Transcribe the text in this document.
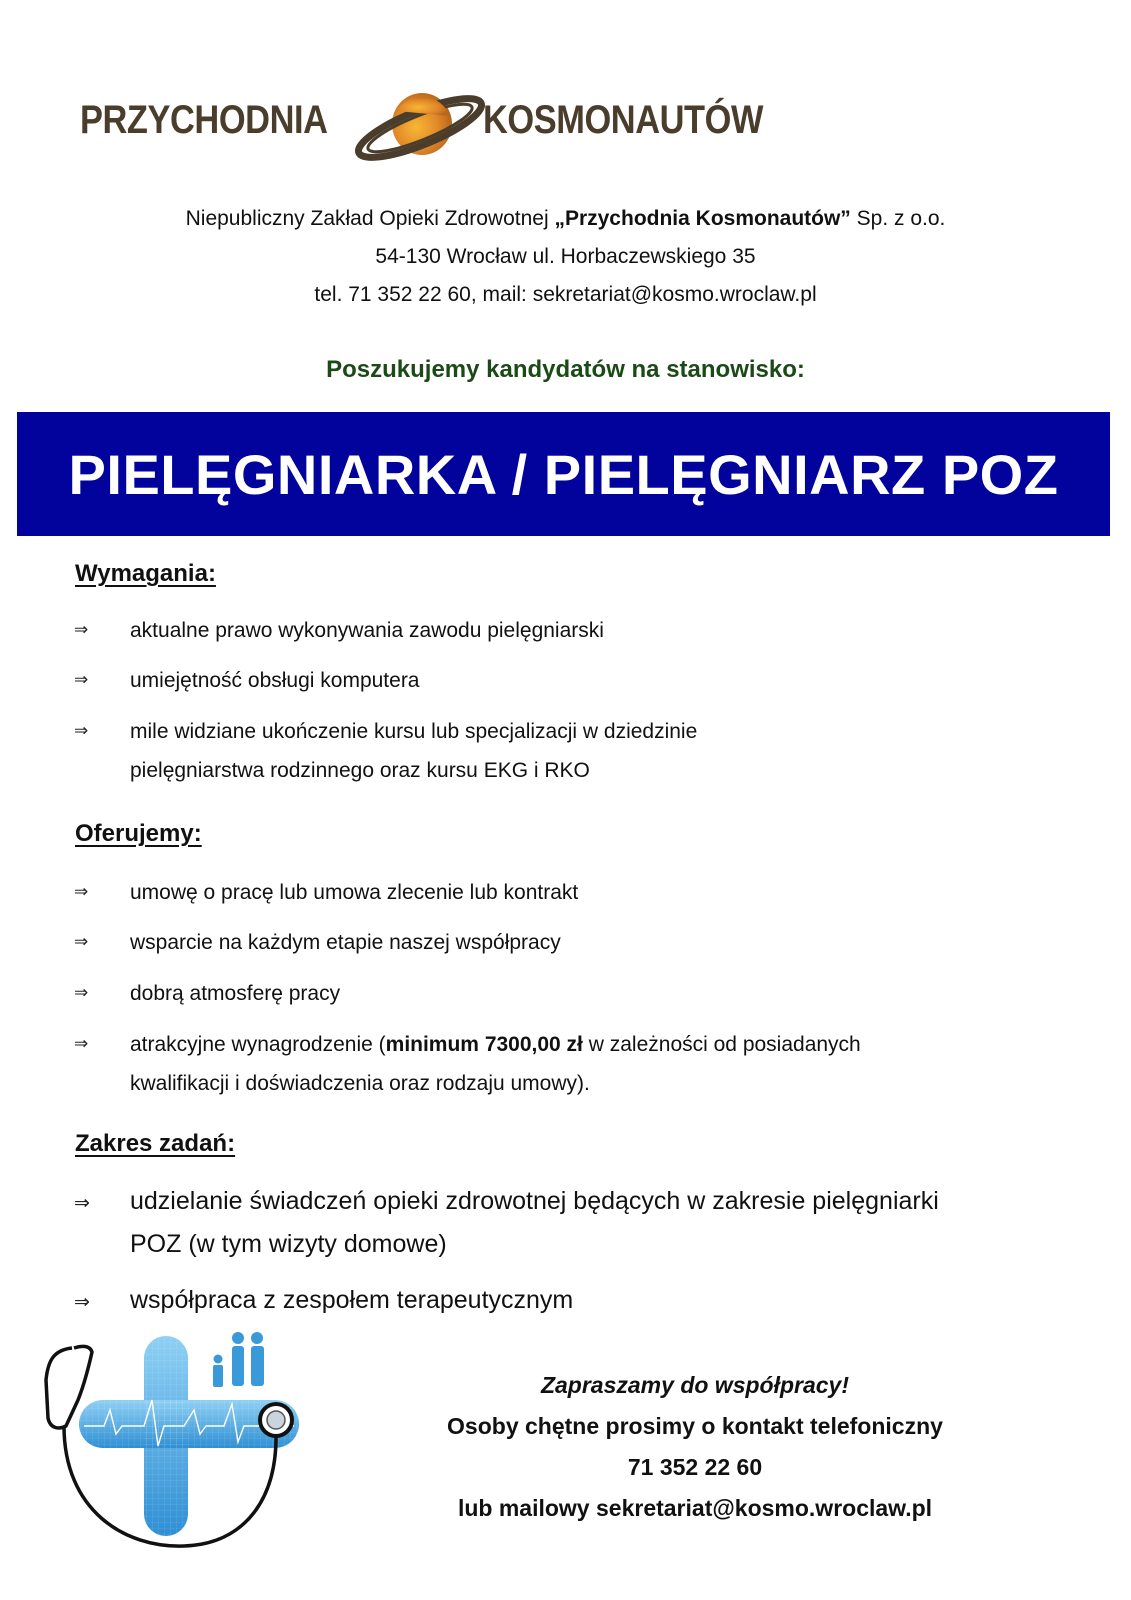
PRZYCHODNIA	KOSMONAUTÓW
Niepubliczny Zakład Opieki Zdrowotnej „Przychodnia Kosmonautów” Sp. z o.o.
54-130 Wrocław ul. Horbaczewskiego 35
tel. 71 352 22 60, mail: sekretariat@kosmo.wroclaw.pl
Poszukujemy kandydatów na stanowisko:
PIELĘGNIARKA / PIELĘGNIARZ POZ
Wymagania:
⇒ aktualne prawo wykonywania zawodu pielęgniarski
⇒ umiejętność obsługi komputera
⇒ mile widziane ukończenie kursu lub specjalizacji w dziedzinie
pielęgniarstwa rodzinnego oraz kursu EKG i RKO
Oferujemy:
⇒ umowę o pracę lub umowa zlecenie lub kontrakt
⇒ wsparcie na każdym etapie naszej współpracy
⇒ dobrą atmosferę pracy
⇒ atrakcyjne wynagrodzenie (minimum 7300,00 zł w zależności od posiadanych
kwalifikacji i doświadczenia oraz rodzaju umowy).
Zakres zadań:
⇒ udzielanie świadczeń opieki zdrowotnej będących w zakresie pielęgniarki
POZ (w tym wizyty domowe)
⇒ współpraca z zespołem terapeutycznym
Zapraszamy do współpracy!
Osoby chętne prosimy o kontakt telefoniczny
71 352 22 60
lub mailowy sekretariat@kosmo.wroclaw.pl
